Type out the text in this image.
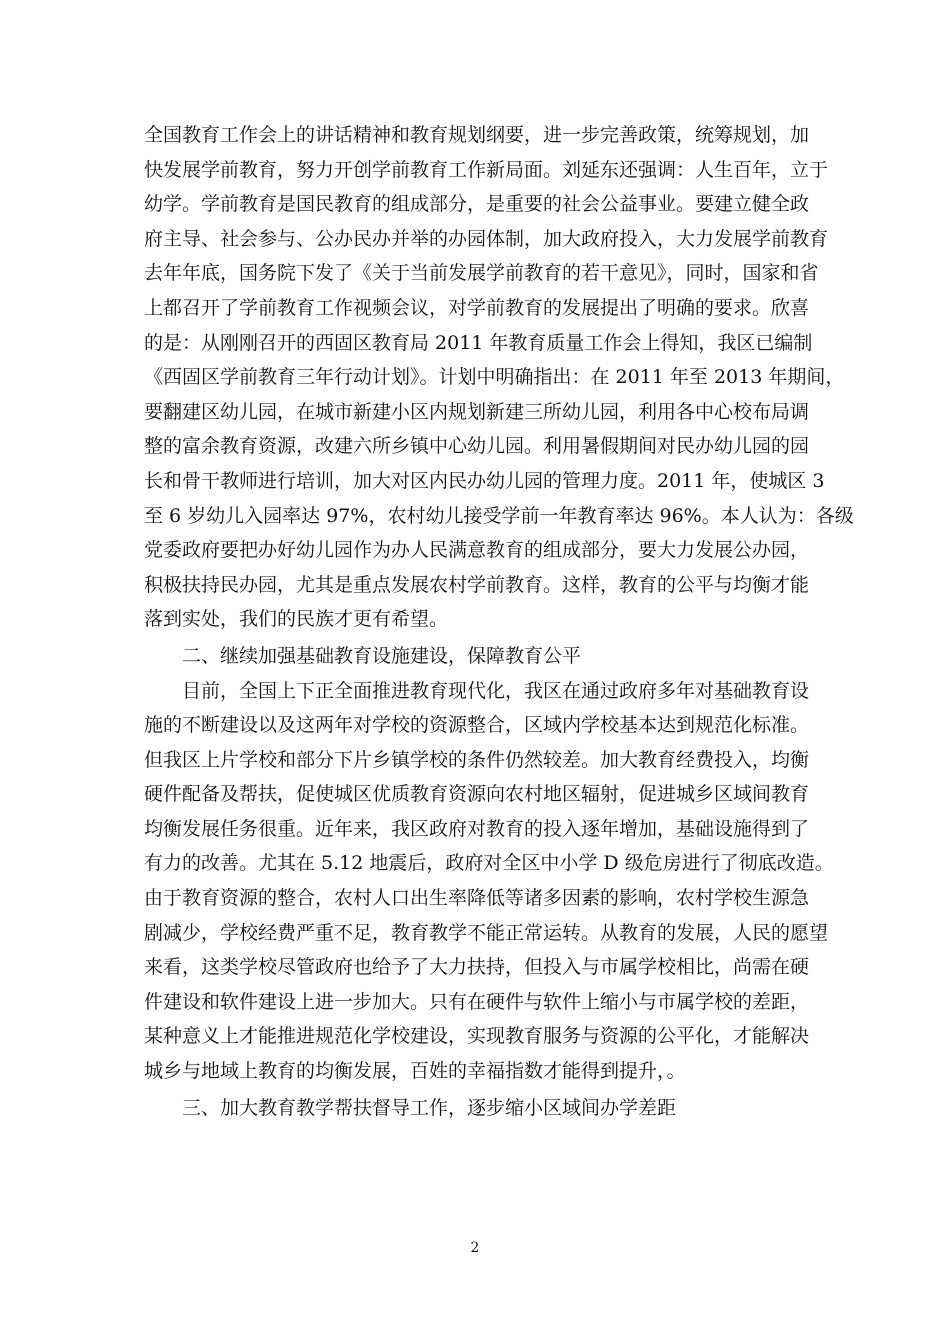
全国教育工作会上的讲话精神和教育规划纲要，进一步完善政策，统筹规划，加
快发展学前教育，努力开创学前教育工作新局面。刘延东还强调：人生百年，立于
幼学。学前教育是国民教育的组成部分，是重要的社会公益事业。要建立健全政
府主导、社会参与、公办民办并举的办园体制，加大政府投入，大力发展学前教育
去年年底，国务院下发了《关于当前发展学前教育的若干意见》，同时，国家和省
上都召开了学前教育工作视频会议，对学前教育的发展提出了明确的要求。欣喜
的是：从刚刚召开的西固区教育局 2011 年教育质量工作会上得知，我区已编制
《西固区学前教育三年行动计划》。计划中明确指出：在 2011 年至 2013 年期间，
要翻建区幼儿园，在城市新建小区内规划新建三所幼儿园，利用各中心校布局调
整的富余教育资源，改建六所乡镇中心幼儿园。利用暑假期间对民办幼儿园的园
长和骨干教师进行培训，加大对区内民办幼儿园的管理力度。2011 年，使城区 3
至 6 岁幼儿入园率达 97%，农村幼儿接受学前一年教育率达 96%。本人认为：各级
党委政府要把办好幼儿园作为办人民满意教育的组成部分，要大力发展公办园，
积极扶持民办园，尤其是重点发展农村学前教育。这样，教育的公平与均衡才能
落到实处，我们的民族才更有希望。
二、继续加强基础教育设施建设，保障教育公平
目前，全国上下正全面推进教育现代化，我区在通过政府多年对基础教育设
施的不断建设以及这两年对学校的资源整合，区域内学校基本达到规范化标准。
但我区上片学校和部分下片乡镇学校的条件仍然较差。加大教育经费投入，均衡
硬件配备及帮扶，促使城区优质教育资源向农村地区辐射，促进城乡区域间教育
均衡发展任务很重。近年来，我区政府对教育的投入逐年增加，基础设施得到了
有力的改善。尤其在 5.12 地震后，政府对全区中小学 D 级危房进行了彻底改造。
由于教育资源的整合，农村人口出生率降低等诸多因素的影响，农村学校生源急
剧减少，学校经费严重不足，教育教学不能正常运转。从教育的发展，人民的愿望
来看，这类学校尽管政府也给予了大力扶持，但投入与市属学校相比，尚需在硬
件建设和软件建设上进一步加大。只有在硬件与软件上缩小与市属学校的差距，
某种意义上才能推进规范化学校建设，实现教育服务与资源的公平化，才能解决
城乡与地域上教育的均衡发展，百姓的幸福指数才能得到提升，。
三、加大教育教学帮扶督导工作，逐步缩小区域间办学差距
2
